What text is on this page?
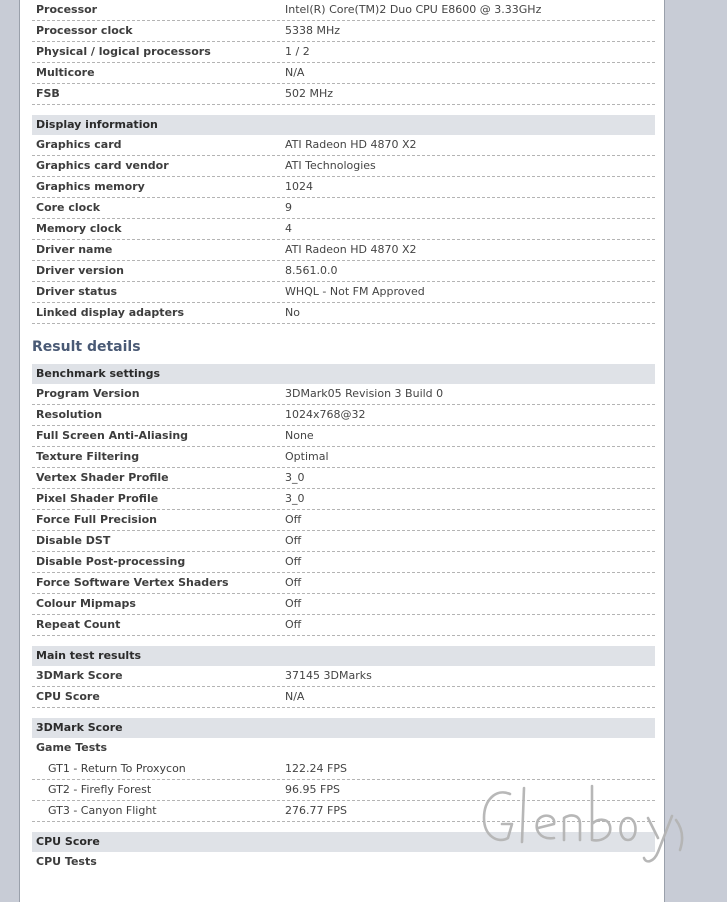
Processor	Intel(R) Core(TM)2 Duo CPU E8600 @ 3.33GHz
Processor clock	5338 MHz
Physical / logical processors	1 / 2
Multicore	N/A
FSB	502 MHz
Display information
Graphics card	ATI Radeon HD 4870 X2
Graphics card vendor	ATI Technologies
Graphics memory	1024
Core clock	9
Memory clock	4
Driver name	ATI Radeon HD 4870 X2
Driver version	8.561.0.0
Driver status	WHQL - Not FM Approved
Linked display adapters	No
Result details
Benchmark settings
Program Version	3DMark05 Revision 3 Build 0
Resolution	1024x768@32
Full Screen Anti-Aliasing	None
Texture Filtering	Optimal
Vertex Shader Profile	3_0
Pixel Shader Profile	3_0
Force Full Precision	Off
Disable DST	Off
Disable Post-processing	Off
Force Software Vertex Shaders	Off
Colour Mipmaps	Off
Repeat Count	Off
Main test results
3DMark Score	37145 3DMarks
CPU Score	N/A
3DMark Score
Game Tests
GT1 - Return To Proxycon	122.24 FPS
GT2 - Firefly Forest	96.95 FPS
GT3 - Canyon Flight	276.77 FPS
CPU Score
CPU Tests
